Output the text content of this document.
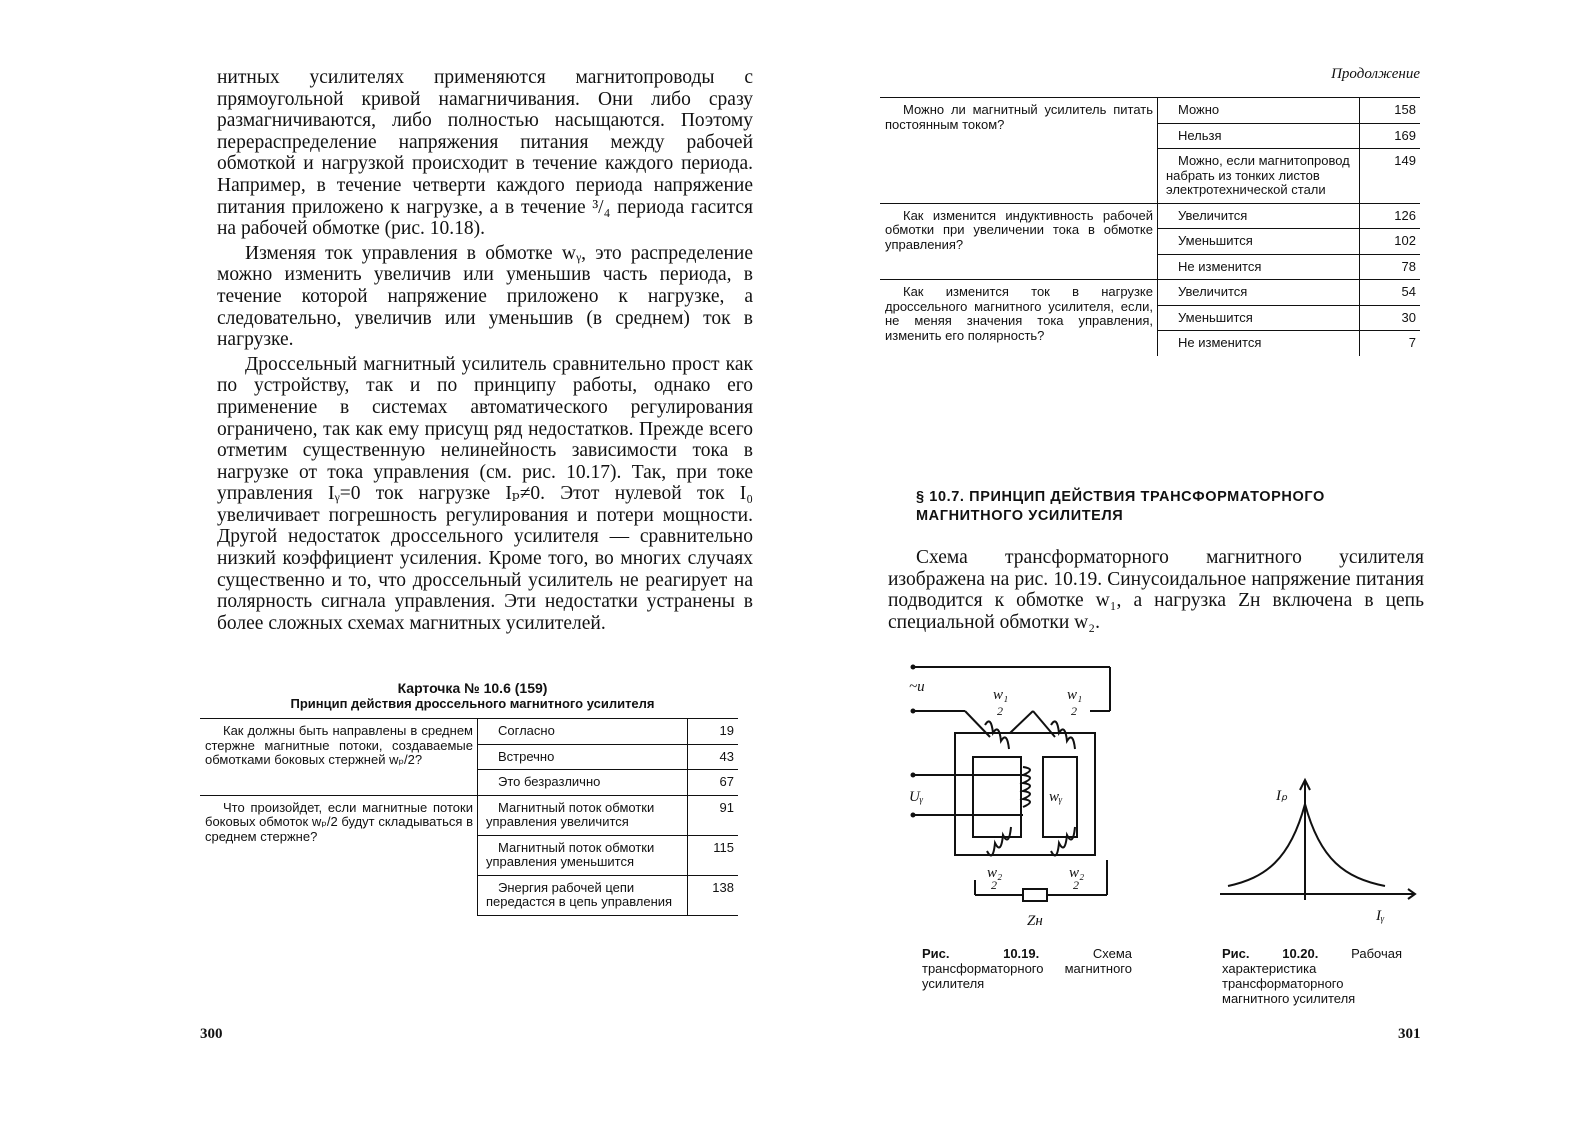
нитных усилителях применяются магнитопроводы с прямоугольной кривой намагничивания. Они либо сразу размагничиваются, либо полностью насыщаются. Поэтому перераспределение напряжения питания между рабочей обмоткой и нагрузкой происходит в течение каждого периода. Например, в течение четверти каждого периода напряжение питания приложено к нагрузке, а в течение ³/₄ периода гасится на рабочей обмотке (рис. 10.18).

Изменяя ток управления в обмотке wᵧ, это распределение можно изменить увеличив или уменьшив часть периода, в течение которой напряжение приложено к нагрузке, а следовательно, увеличив или уменьшив (в среднем) ток в нагрузке.

Дроссельный магнитный усилитель сравнительно прост как по устройству, так и по принципу работы, однако его применение в системах автоматического регулирования ограничено, так как ему присущ ряд недостатков. Прежде всего отметим существенную нелинейность зависимости тока в нагрузке от тока управления (см. рис. 10.17). Так, при токе управления Iᵧ=0 ток нагрузке Iₚ≠0. Этот нулевой ток I₀ увеличивает погрешность регулирования и потери мощности. Другой недостаток дроссельного усилителя — сравнительно низкий коэффициент усиления. Кроме того, во многих случаях существенно и то, что дроссельный усилитель не реагирует на полярность сигнала управления. Эти недостатки устранены в более сложных схемах магнитных усилителей.

Карточка № 10.6 (159)
Принцип действия дроссельного магнитного усилителя
Как должны быть направлены в среднем стержне магнитные потоки, создаваемые обмотками боковых стержней wₚ/2?	Согласно	19
	Встречно	43
	Это безразлично	67
Что произойдет, если магнитные потоки боковых обмоток wₚ/2 будут складываться в среднем стержне?	Магнитный поток обмотки управления увеличится	91
	Магнитный поток обмотки управления уменьшится	115
	Энергия рабочей цепи передастся в цепь управления	138
300
Продолжение
Можно ли магнитный усилитель питать постоянным током?	Можно	158
	Нельзя	169
	Можно, если магнитопровод набрать из тонких листов электротехнической стали	149
Как изменится индуктивность рабочей обмотки при увеличении тока в обмотке управления?	Увеличится	126
	Уменьшится	102
	Не изменится	78
Как изменится ток в нагрузке дроссельного магнитного усилителя, если, не меняя значения тока управления, изменить его полярность?	Увеличится	54
	Уменьшится	30
	Не изменится	7
§ 10.7. ПРИНЦИП ДЕЙСТВИЯ ТРАНСФОРМАТОРНОГО МАГНИТНОГО УСИЛИТЕЛЯ

Схема трансформаторного магнитного усилителя изображена на рис. 10.19. Синусоидальное напряжение питания подводится к обмотке w₁, а нагрузка Zн включена в цепь специальной обмотки w₂.

~u	w₁
2
w₁
2
Uᵧ	wᵧ
w₂
2
w₂
2
Zн
Iₚ
Iᵧ
Рис. 10.19.	Схема трансформаторного магнитного усилителя
Рис. 10.20.	Рабочая характеристика трансформаторного магнитного усилителя
301
